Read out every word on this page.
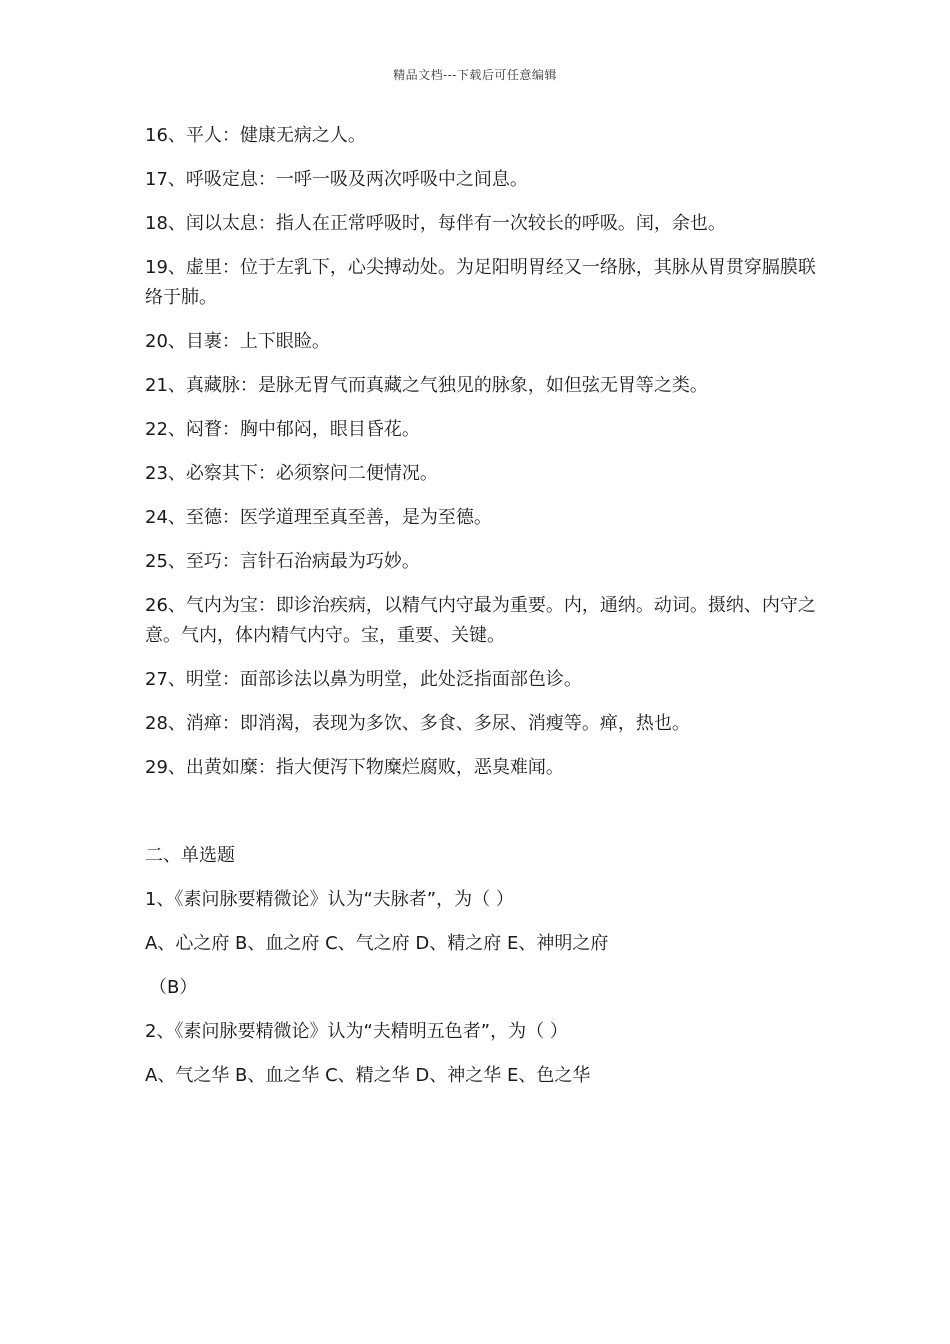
精品文档---下载后可任意编辑
16、平人：健康无病之人。
17、呼吸定息：一呼一吸及两次呼吸中之间息。
18、闰以太息：指人在正常呼吸时，每伴有一次较长的呼吸。闰，余也。
19、虚里：位于左乳下，心尖搏动处。为足阳明胃经又一络脉，其脉从胃贯穿膈膜联络于肺。
20、目裹：上下眼睑。
21、真藏脉：是脉无胃气而真藏之气独见的脉象，如但弦无胃等之类。
22、闷瞀：胸中郁闷，眼目昏花。
23、必察其下：必须察问二便情况。
24、至德：医学道理至真至善，是为至德。
25、至巧：言针石治病最为巧妙。
26、气内为宝：即诊治疾病，以精气内守最为重要。内，通纳。动词。摄纳、内守之意。气内，体内精气内守。宝，重要、关键。
27、明堂：面部诊法以鼻为明堂，此处泛指面部色诊。
28、消瘅：即消渴，表现为多饮、多食、多尿、消瘦等。瘅，热也。
29、出黄如糜：指大便泻下物糜烂腐败，恶臭难闻。
二、单选题
1、《素问脉要精微论》认为“夫脉者”，为（ ）
A、心之府 B、血之府 C、气之府 D、精之府 E、神明之府
（B）
2、《素问脉要精微论》认为“夫精明五色者”，为（ ）
A、气之华 B、血之华 C、精之华 D、神之华 E、色之华
